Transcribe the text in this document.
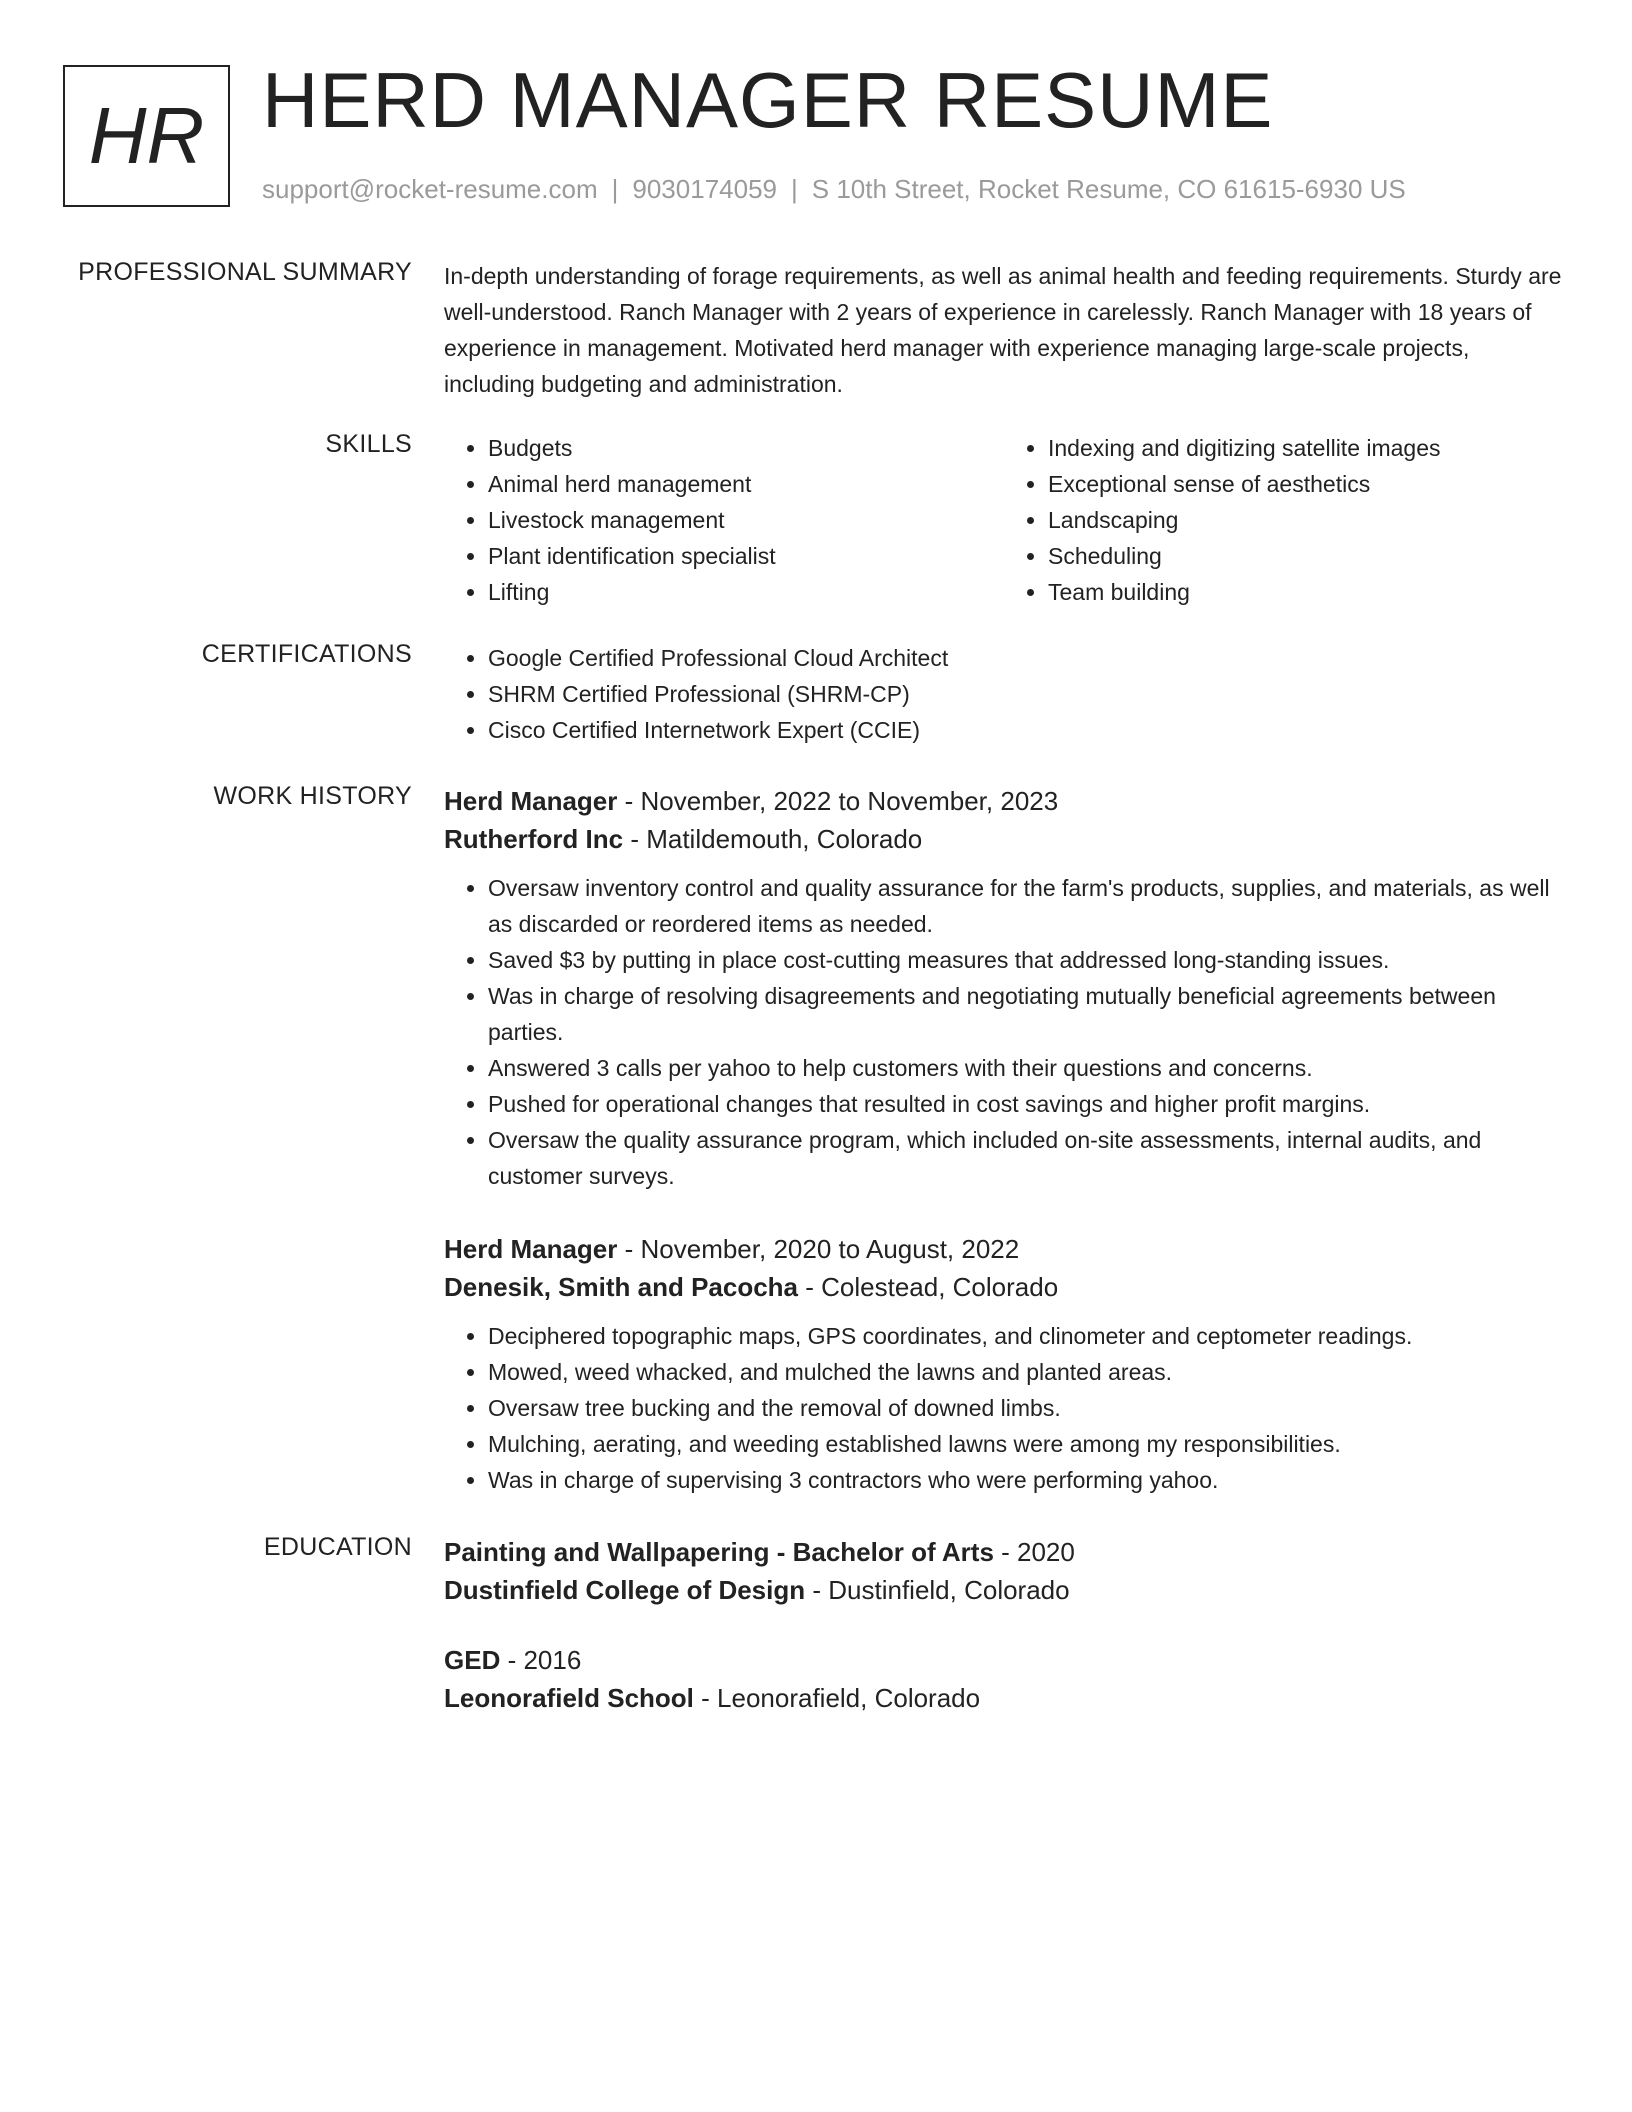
HR HERD MANAGER RESUME
support@rocket-resume.com | 9030174059 | S 10th Street, Rocket Resume, CO 61615-6930 US
PROFESSIONAL SUMMARY In-depth understanding of forage requirements, as well as animal health and feeding requirements. Sturdy are well-understood. Ranch Manager with 2 years of experience in carelessly. Ranch Manager with 18 years of experience in management. Motivated herd manager with experience managing large-scale projects, including budgeting and administration.
SKILLS	• Budgets
• Animal herd management
• Livestock management
• Plant identification specialist
• Lifting
• Indexing and digitizing satellite images
• Exceptional sense of aesthetics
• Landscaping
• Scheduling
• Team building
CERTIFICATIONS	• Google Certified Professional Cloud Architect
• SHRM Certified Professional (SHRM-CP)
• Cisco Certified Internetwork Expert (CCIE)
WORK HISTORY Herd Manager - November, 2022 to November, 2023
Rutherford Inc - Matildemouth, Colorado
• Oversaw inventory control and quality assurance for the farm's products, supplies, and materials, as well as discarded or reordered items as needed.
• Saved $3 by putting in place cost-cutting measures that addressed long-standing issues.
• Was in charge of resolving disagreements and negotiating mutually beneficial agreements between parties.
• Answered 3 calls per yahoo to help customers with their questions and concerns.
• Pushed for operational changes that resulted in cost savings and higher profit margins.
• Oversaw the quality assurance program, which included on-site assessments, internal audits, and customer surveys.
Herd Manager - November, 2020 to August, 2022
Denesik, Smith and Pacocha - Colestead, Colorado
• Deciphered topographic maps, GPS coordinates, and clinometer and ceptometer readings.
• Mowed, weed whacked, and mulched the lawns and planted areas.
• Oversaw tree bucking and the removal of downed limbs.
• Mulching, aerating, and weeding established lawns were among my responsibilities.
• Was in charge of supervising 3 contractors who were performing yahoo.
EDUCATION Painting and Wallpapering - Bachelor of Arts - 2020
Dustinfield College of Design - Dustinfield, Colorado
GED - 2016
Leonorafield School - Leonorafield, Colorado
